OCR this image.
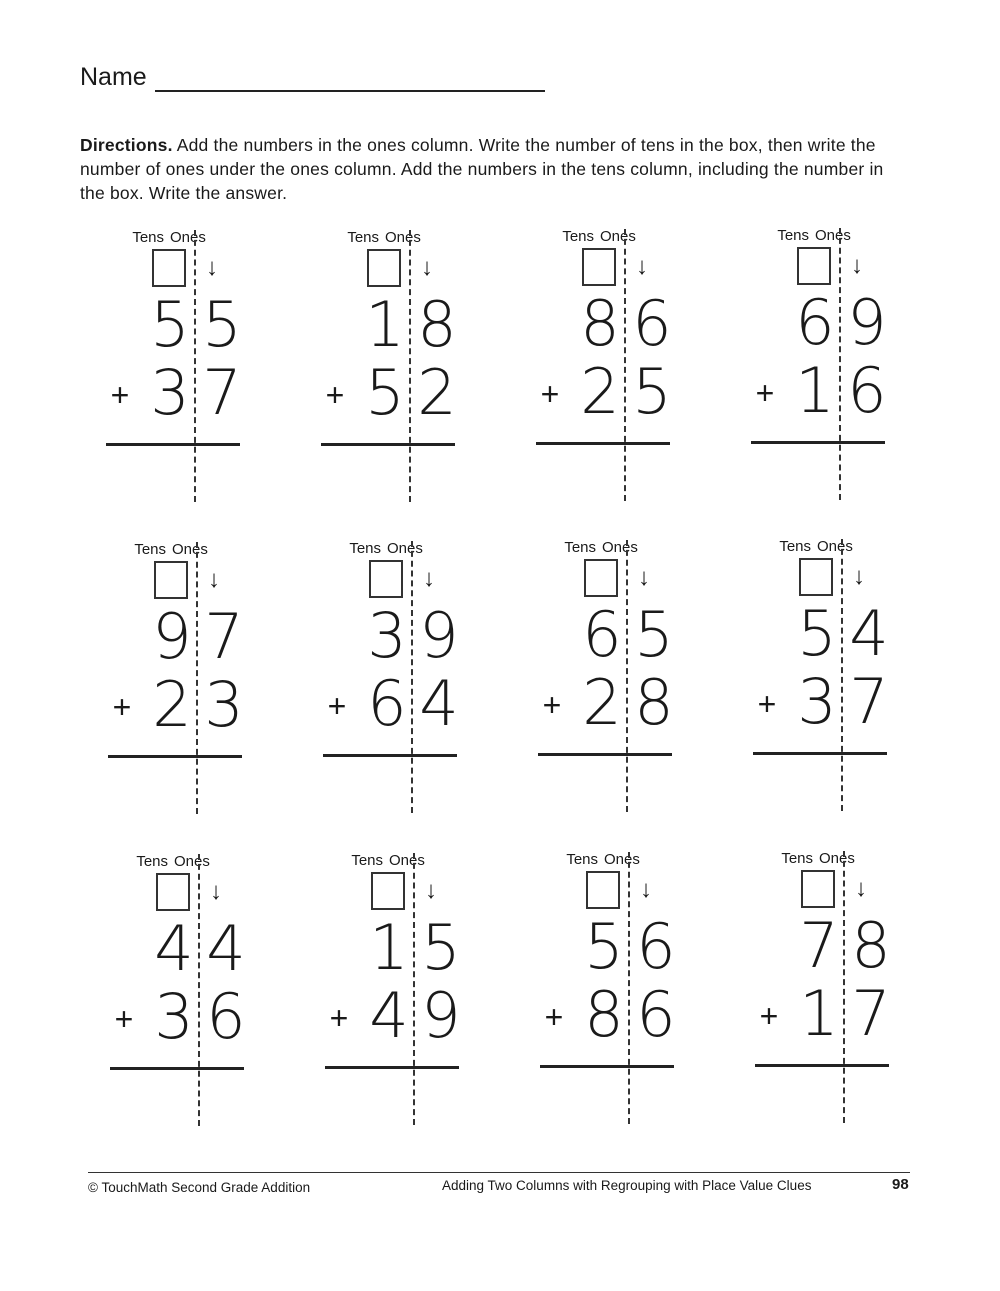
Name
Directions. Add the numbers in the ones column. Write the number of tens in the box, then write the number of ones under the ones column. Add the numbers in the tens column, including the number in the box. Write the answer.
Tens Ones
↓
5 5
+ 3 7
Tens Ones
↓
1 8
+ 5 2
Tens Ones
↓
8 6
+ 2 5
Tens Ones
↓
6 9
+ 1 6
Tens Ones
↓
9 7
+ 2 3
Tens Ones
↓
3 9
+ 6 4
Tens Ones
↓
6 5
+ 2 8
Tens Ones
↓
5 4
+ 3 7
Tens Ones
↓
4 4
+ 3 6
Tens Ones
↓
1 5
+ 4 9
Tens Ones
↓
5 6
+ 8 6
Tens Ones
↓
7 8
+ 1 7
© TouchMath Second Grade Addition	Adding Two Columns with Regrouping with Place Value Clues	98
